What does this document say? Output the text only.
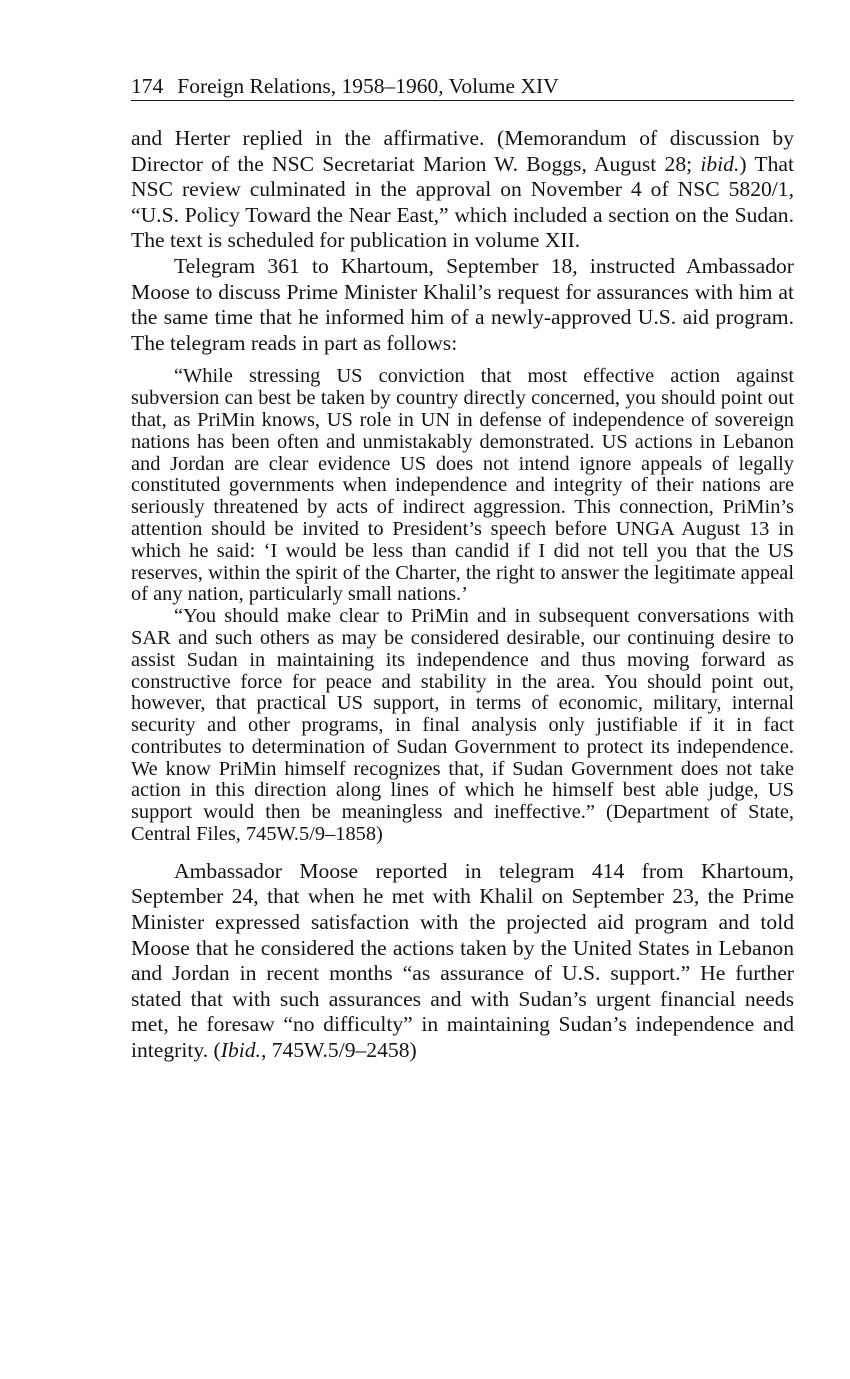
174 Foreign Relations, 1958–1960, Volume XIV

and Herter replied in the affirmative. (Memorandum of discussion by Director of the NSC Secretariat Marion W. Boggs, August 28; ibid.) That NSC review culminated in the approval on November 4 of NSC 5820/1, “U.S. Policy Toward the Near East,” which included a section on the Sudan. The text is scheduled for publication in volume XII.

Telegram 361 to Khartoum, September 18, instructed Ambassador Moose to discuss Prime Minister Khalil’s request for assurances with him at the same time that he informed him of a newly-approved U.S. aid program. The telegram reads in part as follows:

“While stressing US conviction that most effective action against subversion can best be taken by country directly concerned, you should point out that, as PriMin knows, US role in UN in defense of independence of sovereign nations has been often and unmistakably demonstrated. US actions in Lebanon and Jordan are clear evidence US does not intend ignore appeals of legally constituted governments when independence and integrity of their nations are seriously threatened by acts of indirect aggression. This connection, PriMin’s attention should be invited to President’s speech before UNGA August 13 in which he said: ‘I would be less than candid if I did not tell you that the US reserves, within the spirit of the Charter, the right to answer the legitimate appeal of any nation, particularly small nations.’

“You should make clear to PriMin and in subsequent conversations with SAR and such others as may be considered desirable, our continuing desire to assist Sudan in maintaining its independence and thus moving forward as constructive force for peace and stability in the area. You should point out, however, that practical US support, in terms of economic, military, internal security and other programs, in final analysis only justifiable if it in fact contributes to determination of Sudan Government to protect its independence. We know PriMin himself recognizes that, if Sudan Government does not take action in this direction along lines of which he himself best able judge, US support would then be meaningless and ineffective.” (Department of State, Central Files, 745W.5/9–1858)

Ambassador Moose reported in telegram 414 from Khartoum, September 24, that when he met with Khalil on September 23, the Prime Minister expressed satisfaction with the projected aid program and told Moose that he considered the actions taken by the United States in Lebanon and Jordan in recent months “as assurance of U.S. support.” He further stated that with such assurances and with Sudan’s urgent financial needs met, he foresaw “no difficulty” in maintaining Sudan’s independence and integrity. (Ibid., 745W.5/9–2458)
